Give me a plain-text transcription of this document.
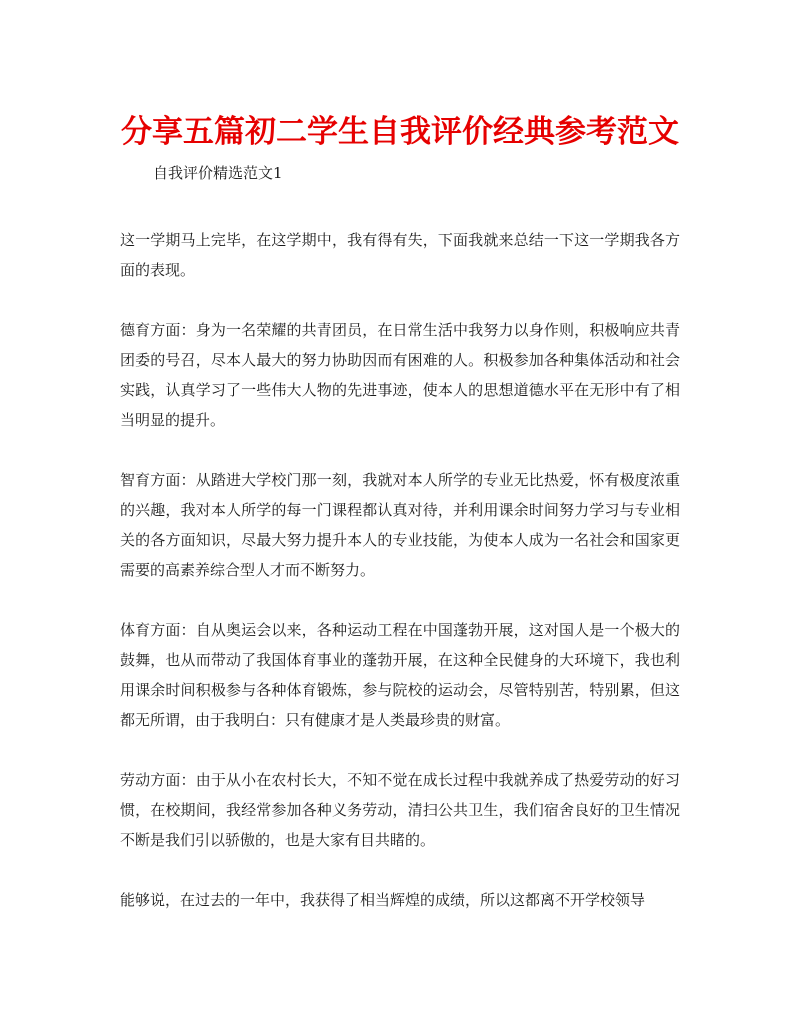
分享五篇初二学生自我评价经典参考范文
自我评价精选范文1

这一学期马上完毕，在这学期中，我有得有失，下面我就来总结一下这一学期我各方面的表现。

德育方面：身为一名荣耀的共青团员，在日常生活中我努力以身作则，积极响应共青团委的号召，尽本人最大的努力协助因而有困难的人。积极参加各种集体活动和社会实践，认真学习了一些伟大人物的先进事迹，使本人的思想道德水平在无形中有了相当明显的提升。

智育方面：从踏进大学校门那一刻，我就对本人所学的专业无比热爱，怀有极度浓重的兴趣，我对本人所学的每一门课程都认真对待，并利用课余时间努力学习与专业相关的各方面知识，尽最大努力提升本人的专业技能，为使本人成为一名社会和国家更需要的高素养综合型人才而不断努力。

体育方面：自从奥运会以来，各种运动工程在中国蓬勃开展，这对国人是一个极大的鼓舞，也从而带动了我国体育事业的蓬勃开展，在这种全民健身的大环境下，我也利用课余时间积极参与各种体育锻炼，参与院校的运动会，尽管特别苦，特别累，但这都无所谓，由于我明白：只有健康才是人类最珍贵的财富。

劳动方面：由于从小在农村长大，不知不觉在成长过程中我就养成了热爱劳动的好习惯，在校期间，我经常参加各种义务劳动，清扫公共卫生，我们宿舍良好的卫生情况不断是我们引以骄傲的，也是大家有目共睹的。

能够说，在过去的一年中，我获得了相当辉煌的成绩，所以这都离不开学校领导
